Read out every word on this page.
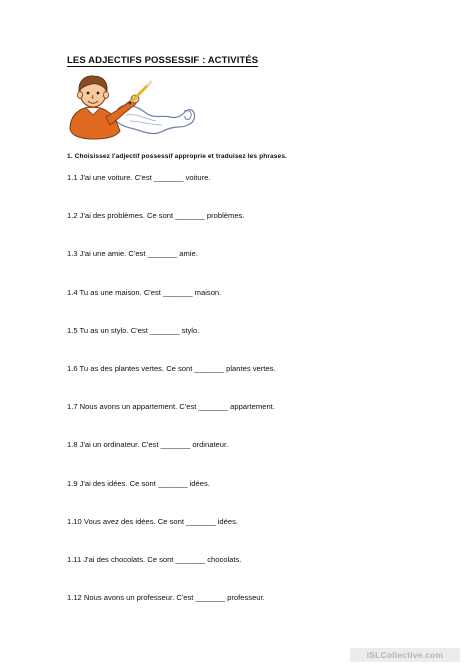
LES ADJECTIFS POSSESSIF : ACTIVITÉS
1. Choisissez l'adjectif possessif approprie et traduisez les phrases.
1.1 J'ai une voiture. C'est _______ voiture.
1.2 J'ai des problèmes. Ce sont _______ problèmes.
1.3 J'ai une amie. C'est _______ amie.
1.4 Tu as une maison. C'est _______ maison.
1.5 Tu as un stylo. C'est _______ stylo.
1.6 Tu as des plantes vertes. Ce sont _______ plantes vertes.
1.7 Nous avons un appartement. C'est _______ appartement.
1.8 J'ai un ordinateur. C'est _______ ordinateur.
1.9 J'ai des idées. Ce sont _______ idées.
1.10 Vous avez des idées. Ce sont _______ idées.
1.11 J'ai des chocolats. Ce sont _______ chocolats.
1.12 Nous avons un professeur. C'est _______ professeur.
iSLCollective.com
